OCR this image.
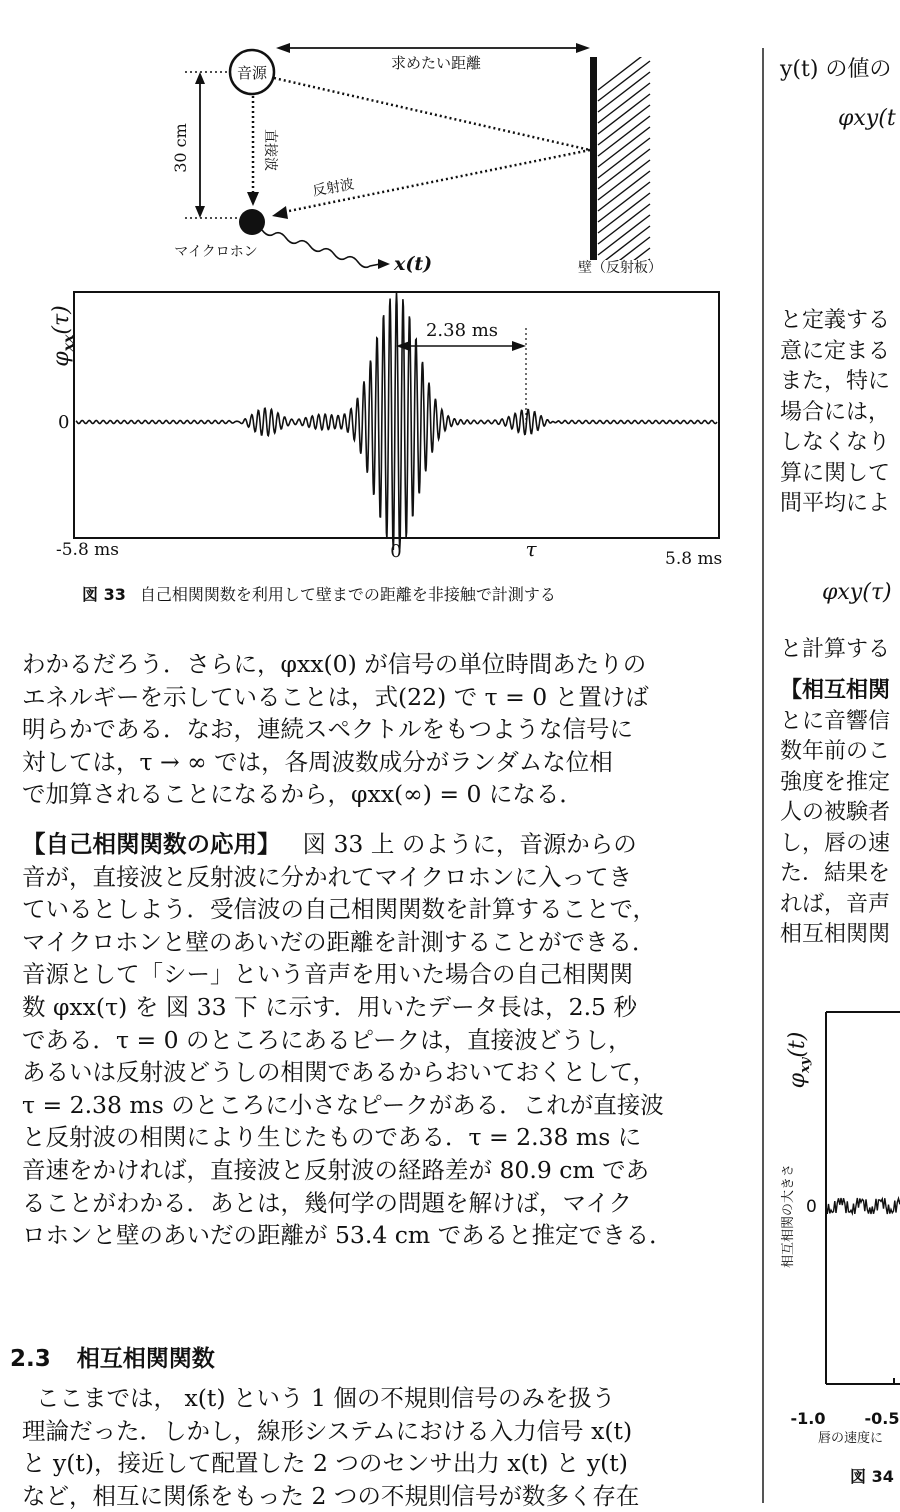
30 cm
音源
求めたい距離
直接波
反射波
マイクロホン
x(t)	壁（反射板）
$\varphi_{xx}(\tau)$
0
2.38 ms
-5.8 ms	0	τ	5.8 ms
図 33 自己相関関数を利用して壁までの距離を非接触で計測する

わかるだろう．さらに，φxx(0) が信号の単位時間あたりの

エネルギーを示していることは，式(22) で τ = 0 と置けば

明らかである．なお，連続スペクトルをもつような信号に

対しては，τ → ∞ では，各周波数成分がランダムな位相

で加算されることになるから，φxx(∞) = 0 になる．

【自己相関関数の応用】 図 33 上 のように，音源からの

音が，直接波と反射波に分かれてマイクロホンに入ってき

ているとしよう．受信波の自己相関関数を計算することで，

マイクロホンと壁のあいだの距離を計測することができる．

音源として「シー」という音声を用いた場合の自己相関関

数 φxx(τ) を 図 33 下 に示す．用いたデータ長は，2.5 秒

である．τ = 0 のところにあるピークは，直接波どうし，

あるいは反射波どうしの相関であるからおいておくとして，

τ = 2.38 ms のところに小さなピークがある．これが直接波

と反射波の相関により生じたものである．τ = 2.38 ms に

音速をかければ，直接波と反射波の経路差が 80.9 cm であ

ることがわかる．あとは，幾何学の問題を解けば，マイク

ロホンと壁のあいだの距離が 53.4 cm であると推定できる．

2.3 相互相関関数

ここまでは， x(t) という 1 個の不規則信号のみを扱う

理論だった．しかし，線形システムにおける入力信号 x(t)

と y(t)，接近して配置した 2 つのセンサ出力 x(t) と y(t)

など，相互に関係をもった 2 つの不規則信号が数多く存在

y(t) の値の
φxy(t

と定義する

意に定まる

また，特に

場合には，

しなくなり

算に関して

間平均によ

φxy(τ)
と計算する

【相互相関

とに音響信

数年前のこ

強度を推定

人の被験者

し，唇の速

た．結果を

れば，音声

相互相関関

$\varphi_{xy}(t)$
相互相関の大きさ 0
-1.0 -0.5
唇の速度に
図 34
